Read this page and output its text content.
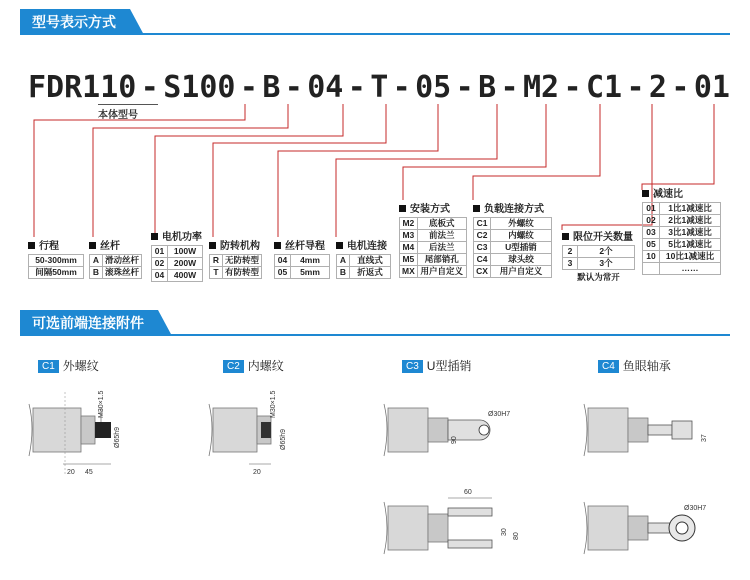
型号表示方式
FDR110 - S100 - B - 04 - T - 05 - B - M2 - C1 - 2 - 01
本体型号
行程
50-300mm
间隔50mm
丝杆
A	滑动丝杆
B	滚珠丝杆
电机功率
01	100W
02	200W
04	400W
防转机构
R	无防转型
T	有防转型
丝杆导程
04	4mm
05	5mm
电机连接
A	直线式
B	折返式
安装方式
M2	底板式
M3	前法兰
M4	后法兰
M5	尾部销孔
MX	用户自定义
负载连接方式
C1	外螺纹
C2	内螺纹
C3	U型插销
C4	球头绞
CX	用户自定义
限位开关数量
2	2个
3	3个
默认为常开
减速比
01	1比1减速比
02	2比1减速比
03	3比1减速比
05	5比1减速比
10	10比1减速比
	……
可选前端连接附件
C1 外螺纹	C2 内螺纹	C3 U型插销	C4 鱼眼轴承
M30×1.5
Ø65h9
20 45
M30×1.5
Ø65h9
20
Ø30H7
90
60
30
80
37
Ø30H7
